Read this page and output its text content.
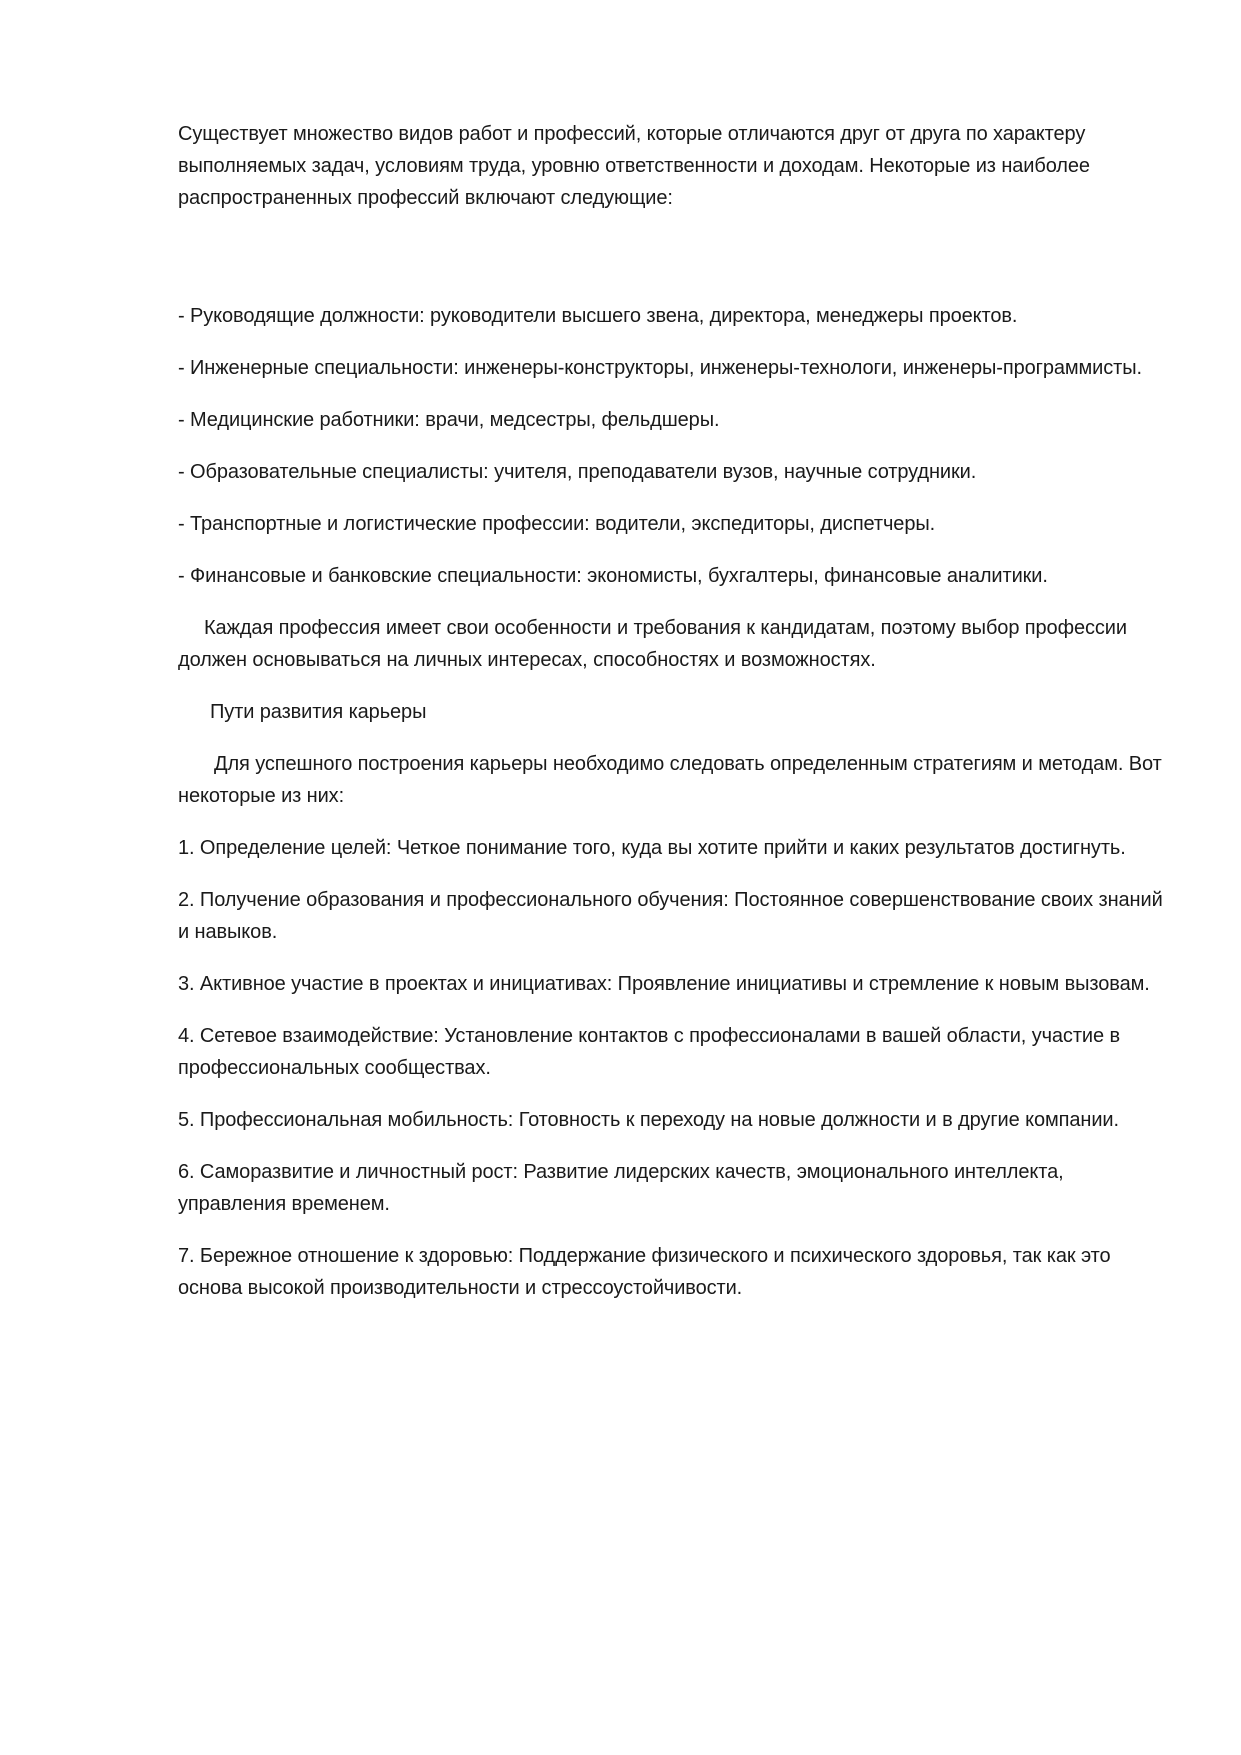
Существует множество видов работ и профессий, которые отличаются друг от друга по характеру выполняемых задач, условиям труда, уровню ответственности и доходам. Некоторые из наиболее распространенных профессий включают следующие:

- Руководящие должности: руководители высшего звена, директора, менеджеры проектов.

- Инженерные специальности: инженеры-конструкторы, инженеры-технологи, инженеры-программисты.

- Медицинские работники: врачи, медсестры, фельдшеры.

- Образовательные специалисты: учителя, преподаватели вузов, научные сотрудники.

- Транспортные и логистические профессии: водители, экспедиторы, диспетчеры.

- Финансовые и банковские специальности: экономисты, бухгалтеры, финансовые аналитики.

Каждая профессия имеет свои особенности и требования к кандидатам, поэтому выбор профессии должен основываться на личных интересах, способностях и возможностях.

Пути развития карьеры

Для успешного построения карьеры необходимо следовать определенным стратегиям и методам. Вот некоторые из них:

1. Определение целей: Четкое понимание того, куда вы хотите прийти и каких результатов достигнуть.

2. Получение образования и профессионального обучения: Постоянное совершенствование своих знаний и навыков.

3. Активное участие в проектах и инициативах: Проявление инициативы и стремление к новым вызовам.

4. Сетевое взаимодействие: Установление контактов с профессионалами в вашей области, участие в профессиональных сообществах.

5. Профессиональная мобильность: Готовность к переходу на новые должности и в другие компании.

6. Саморазвитие и личностный рост: Развитие лидерских качеств, эмоционального интеллекта, управления временем.

7. Бережное отношение к здоровью: Поддержание физического и психического здоровья, так как это основа высокой производительности и стрессоустойчивости.
